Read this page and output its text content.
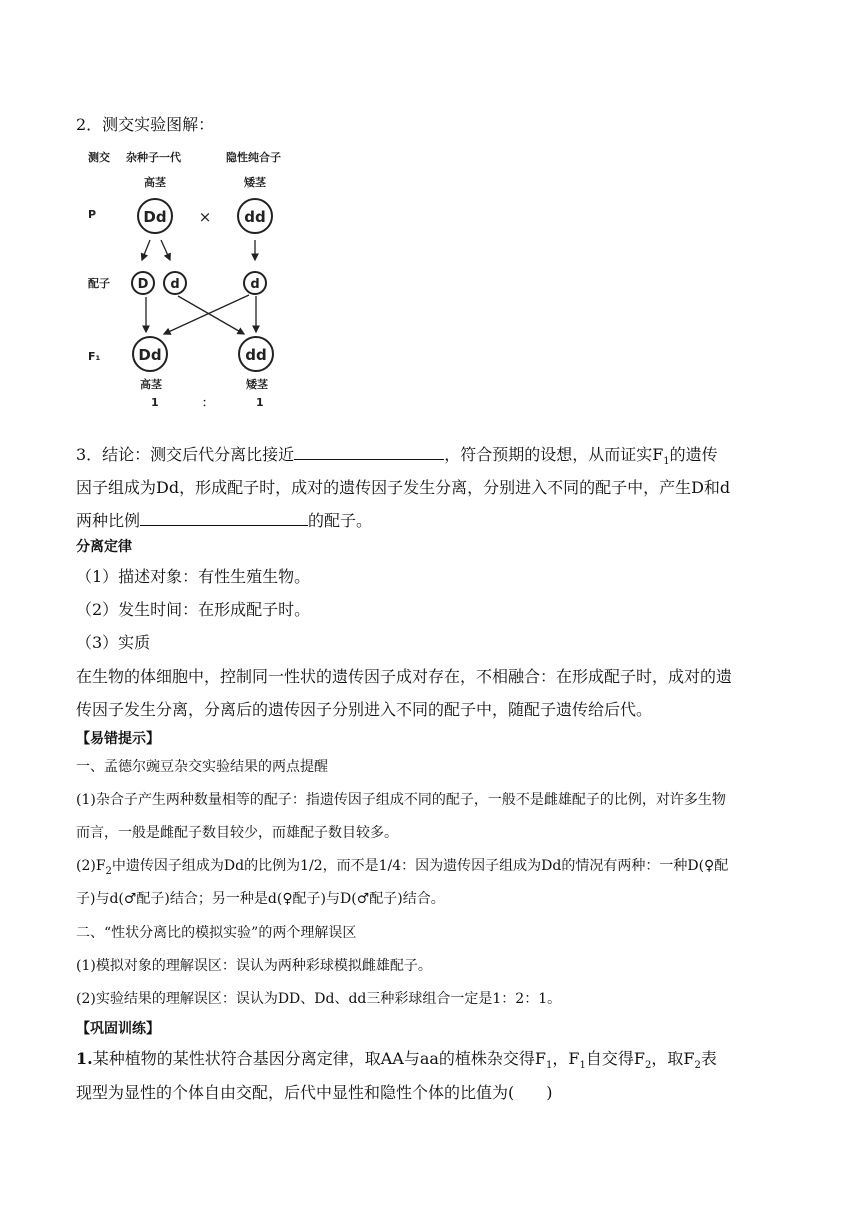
2．测交实验图解：
测交 杂种子一代	隐性纯合子
高茎	矮茎
P	Dd × dd
配子 D d	d
F₁	Dd	dd
高茎	矮茎
1	：	1
3．结论：测交后代分离比接近	，符合预期的设想，从而证实$F_1$的遗传
因子组成为Dd，形成配子时，成对的遗传因子发生分离，分别进入不同的配子中，产生D和d
两种比例	的配子。
分离定律
（1）描述对象：有性生殖生物。
（2）发生时间：在形成配子时。
（3）实质
在生物的体细胞中，控制同一性状的遗传因子成对存在，不相融合：在形成配子时，成对的遗
传因子发生分离，分离后的遗传因子分别进入不同的配子中，随配子遗传给后代。
【易错提示】
一、孟德尔豌豆杂交实验结果的两点提醒
(1)杂合子产生两种数量相等的配子：指遗传因子组成不同的配子，一般不是雌雄配子的比例，对许多生物
而言，一般是雌配子数目较少，而雄配子数目较多。
$(2)F_2$中遗传因子组成为Dd的比例为1/2，而不是1/4：因为遗传因子组成为Dd的情况有两种：一种D(♀配
子)与d(♂配子)结合；另一种是d(♀配子)与D(♂配子)结合。
二、“性状分离比的模拟实验”的两个理解误区
(1)模拟对象的理解误区：误认为两种彩球模拟雌雄配子。
(2)实验结果的理解误区：误认为DD、Dd、dd三种彩球组合一定是1：2：1。
【巩固训练】
1.某种植物的某性状符合基因分离定律，取AA与aa的植株杂交得$F_1$，$F_1$自交得$F_2$，取$F_2$表
现型为显性的个体自由交配，后代中显性和隐性个体的比值为(　　)
